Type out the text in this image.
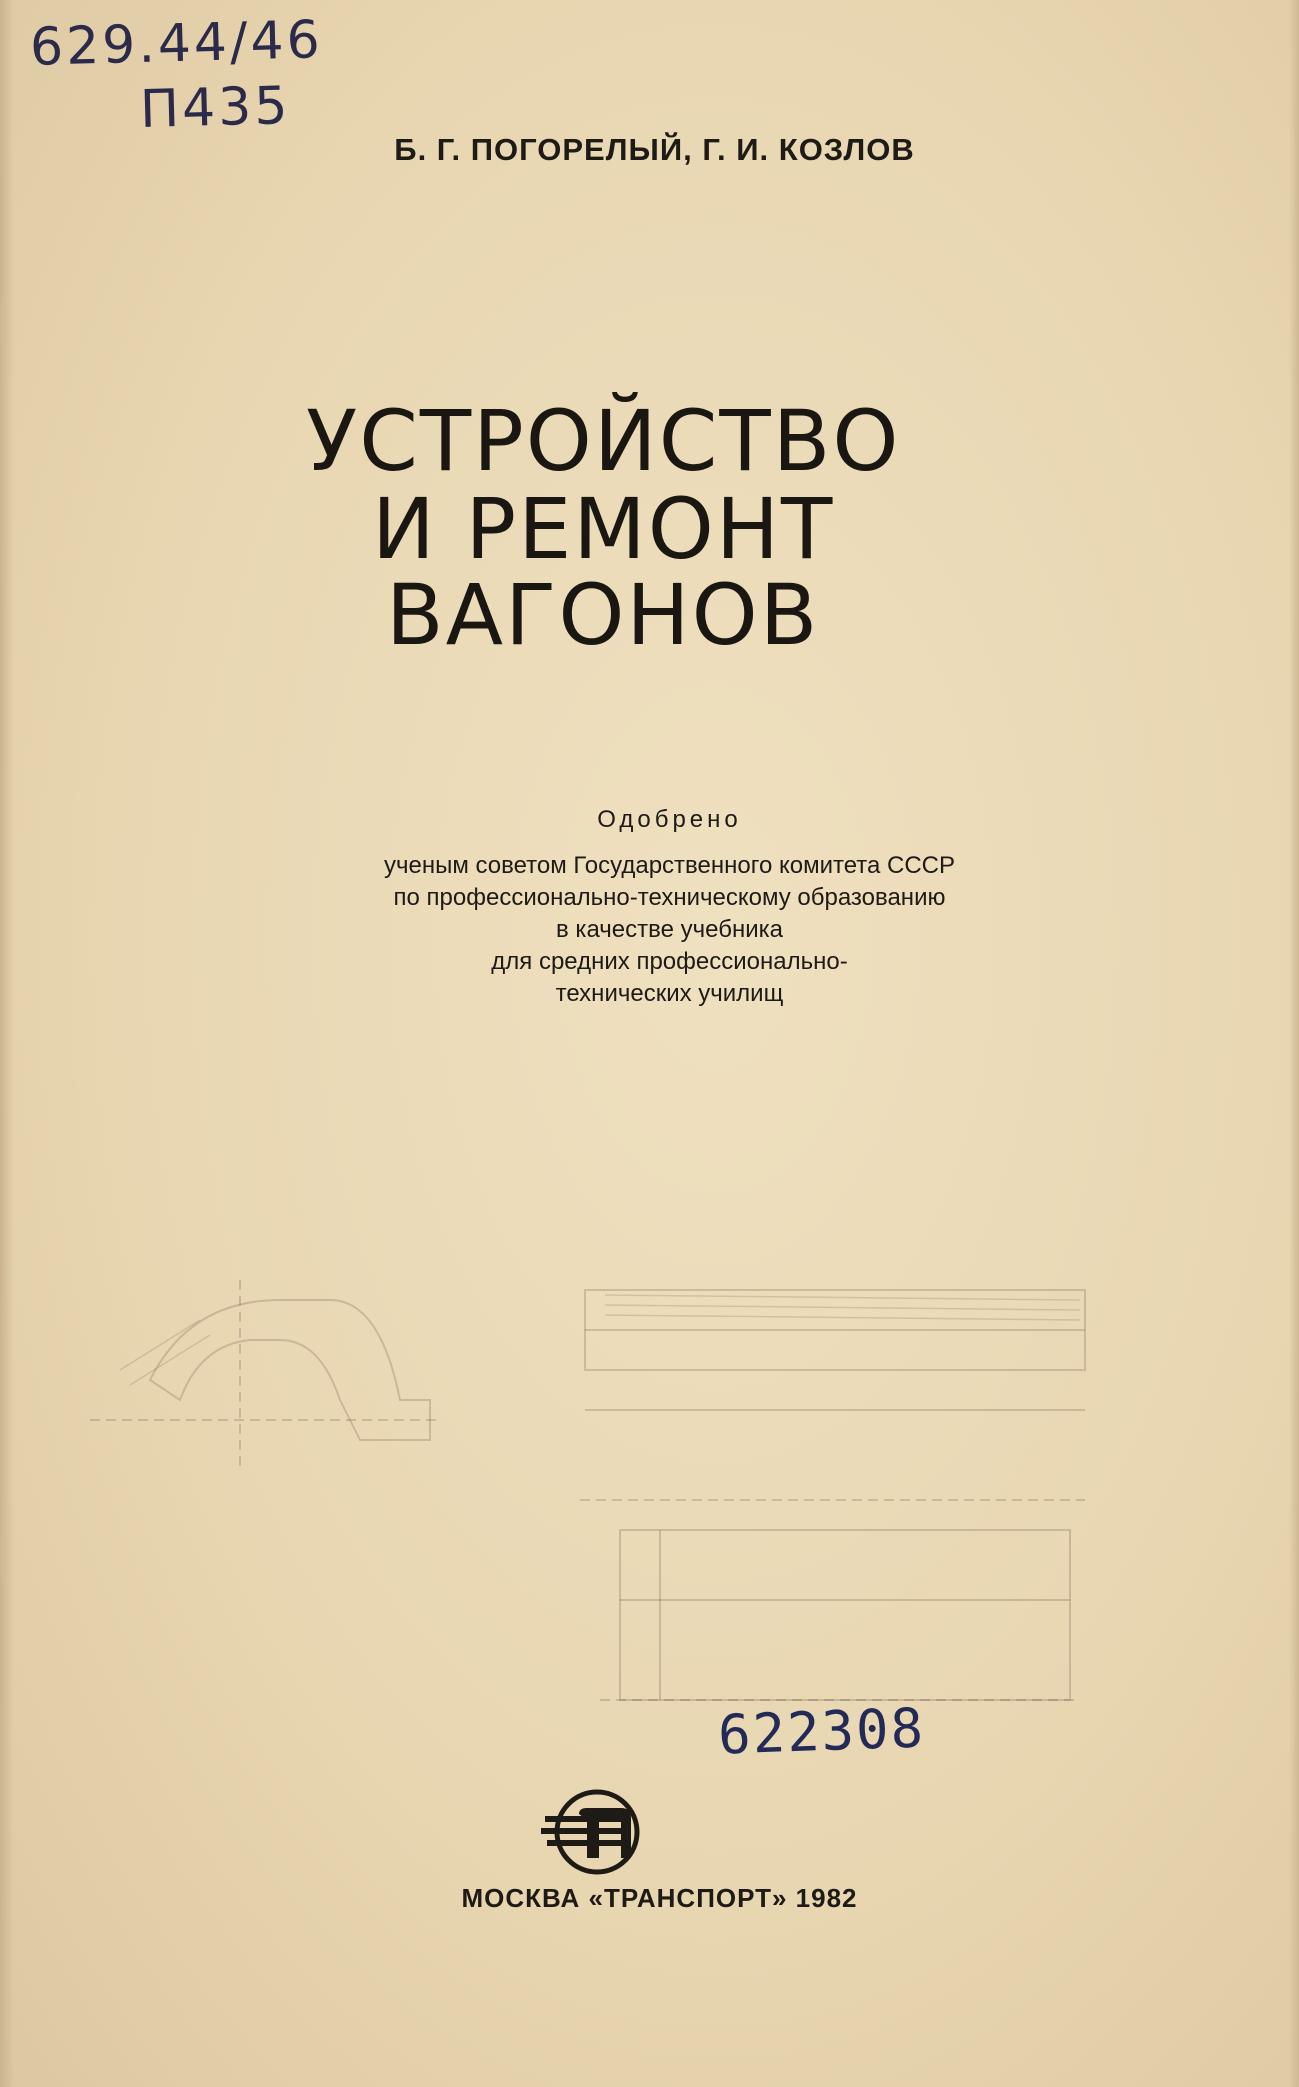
629.44/46
П435
Б. Г. ПОГОРЕЛЫЙ, Г. И. КОЗЛОВ
УСТРОЙСТВО
И РЕМОНТ
ВАГОНОВ
Одобрено
ученым советом Государственного комитета СССР
по профессионально-техническому образованию
в качестве учебника
для средних профессионально-
технических училищ
622308
МОСКВА «ТРАНСПОРТ» 1982
